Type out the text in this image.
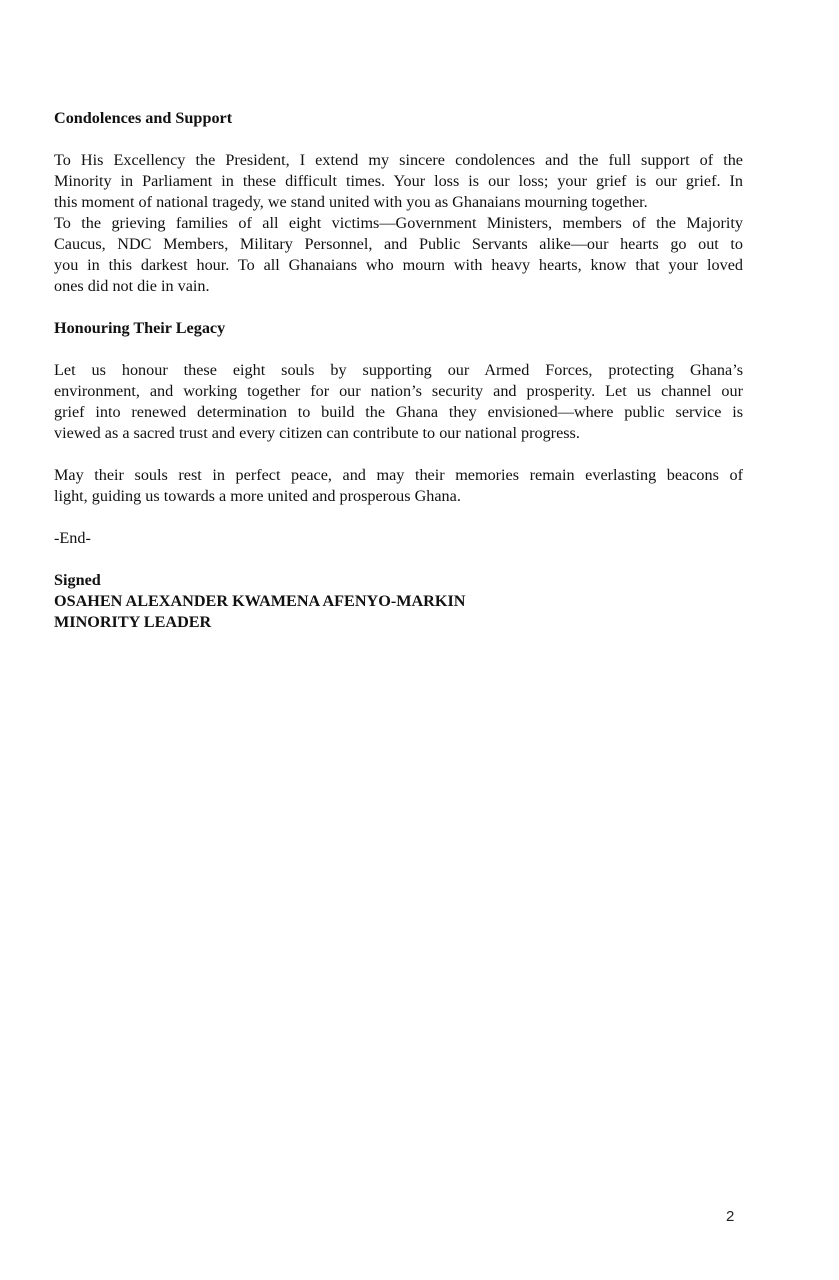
Condolences and Support
To His Excellency the President, I extend my sincere condolences and the full support of the
Minority in Parliament in these difficult times. Your loss is our loss; your grief is our grief. In
this moment of national tragedy, we stand united with you as Ghanaians mourning together.
To the grieving families of all eight victims—Government Ministers, members of the Majority
Caucus, NDC Members, Military Personnel, and Public Servants alike—our hearts go out to
you in this darkest hour. To all Ghanaians who mourn with heavy hearts, know that your loved
ones did not die in vain.
Honouring Their Legacy
Let us honour these eight souls by supporting our Armed Forces, protecting Ghana’s
environment, and working together for our nation’s security and prosperity. Let us channel our
grief into renewed determination to build the Ghana they envisioned—where public service is
viewed as a sacred trust and every citizen can contribute to our national progress.
May their souls rest in perfect peace, and may their memories remain everlasting beacons of
light, guiding us towards a more united and prosperous Ghana.
-End-
Signed
OSAHEN ALEXANDER KWAMENA AFENYO-MARKIN
MINORITY LEADER
2
